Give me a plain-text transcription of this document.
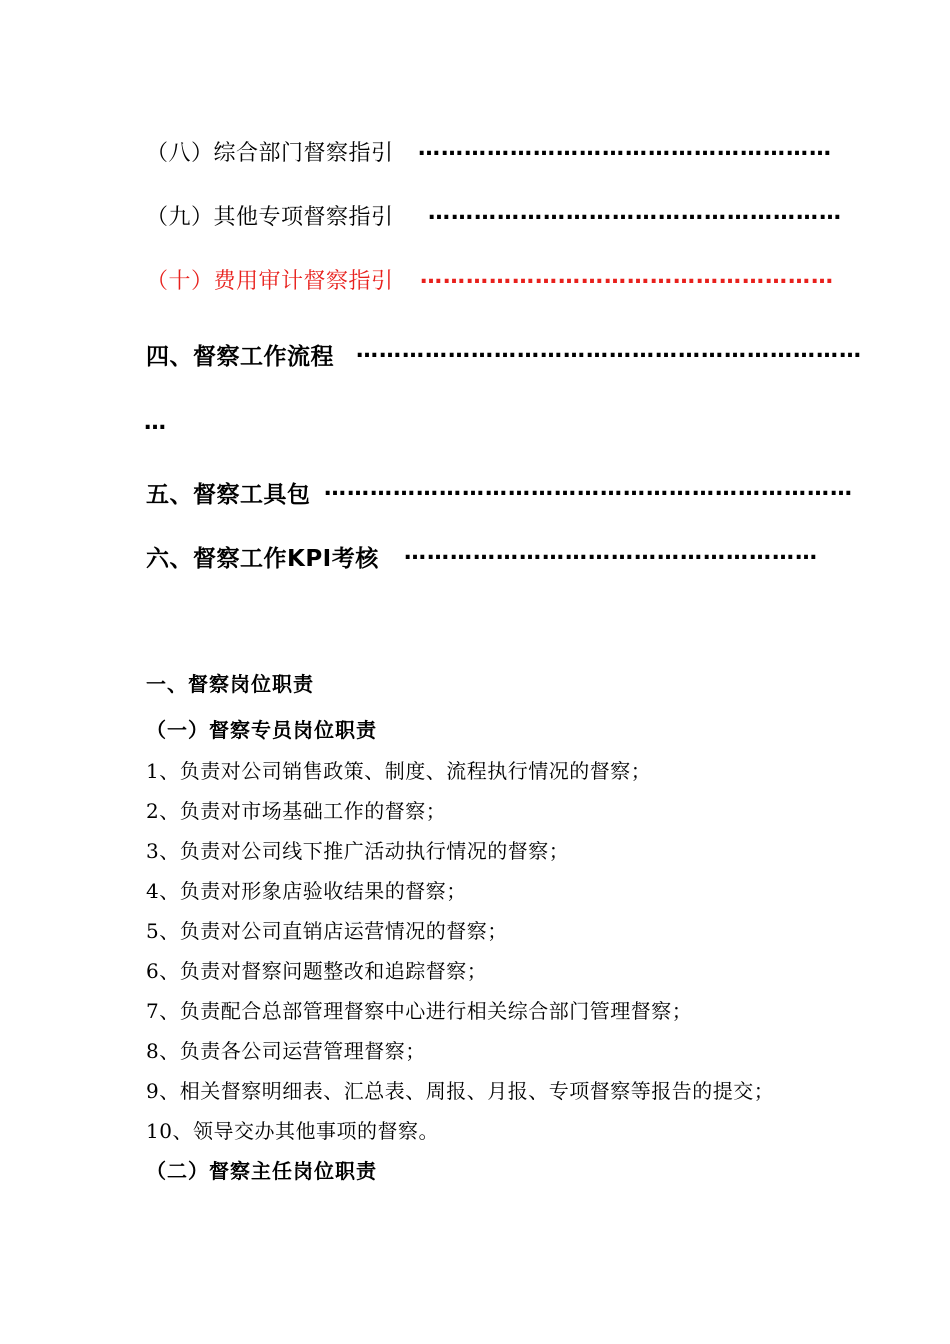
（八）综合部门督察指引 ………………………………………………
（九）其他专项督察指引 ………………………………………………
（十）费用审计督察指引 ………………………………………………
四、督察工作流程 …………………………………………………………
…
五、督察工具包 ……………………………………………………………
六、督察工作KPI考核 ………………………………………………
一、督察岗位职责
（一）督察专员岗位职责
1、负责对公司销售政策、制度、流程执行情况的督察；
2、负责对市场基础工作的督察；
3、负责对公司线下推广活动执行情况的督察；
4、负责对形象店验收结果的督察；
5、负责对公司直销店运营情况的督察；
6、负责对督察问题整改和追踪督察；
7、负责配合总部管理督察中心进行相关综合部门管理督察；
8、负责各公司运营管理督察；
9、相关督察明细表、汇总表、周报、月报、专项督察等报告的提交；
10、领导交办其他事项的督察。
（二）督察主任岗位职责
